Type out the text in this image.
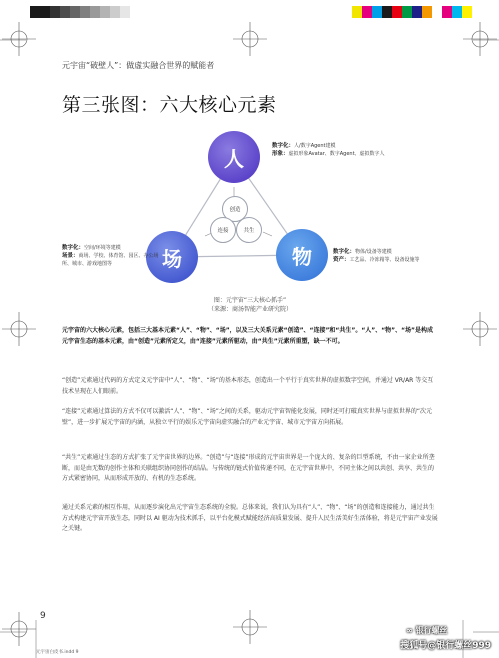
元宇宙“破壁人”：做虚实融合世界的赋能者
第三张图：六大核心元素
人
场	物
创造
连接	共生
数字化：人/数字Agent建模
形象：虚拟形象Avatar、数字Agent、虚拟数字人
数字化：空间/环境等建模
场景：商场、学校、体育馆、园区、办公场所、城市、游戏地图等
数字化：物体/设备等建模
资产：工艺品、冷冻箱等、设备设施等
图：元宇宙“三大核心抓手”
（来源：商汤智能产业研究院）
元宇宙的六大核心元素，包括三大基本元素“人”、“物”、“场”，以及三大关系元素“创造”、“连接”和“共生”。“人”、“物”、“场”是构成元宇宙生态的基本元素，由“创造”元素所定义，由“连接”元素所驱动，由“共生”元素所重塑，缺一不可。
“创造”元素通过代码的方式定义元宇宙中“人”、“物”、“场”的基本形态，创造出一个平行于真实世界的虚拟数字空间，并通过 VR/AR 等交互技术呈现在人们眼前。
“连接”元素通过算法的方式不仅可以激活“人”、“物”、“场”之间的关系，驱动元宇宙智能化发展，同时还可打破真实世界与虚拟世界的“次元壁”，进一步扩展元宇宙的内涵，从独立平行的娱乐元宇宙向虚实融合的产业元宇宙、城市元宇宙方向拓展。
“共生”元素通过生态的方式扩张了元宇宙世界的边界。“创造”与“连接”形成的元宇宙世界是一个庞大的、复杂的巨型系统，不由一家企业所垄断，而是由无数的创作主体和关联组织协同创作的结晶。与传统的链式价值传递不同，在元宇宙世界中，不同主体之间以共创、共享、共生的方式紧密协同，从而形成开放的、有机的生态系统。
通过关系元素的相互作用，从而逐步演化出元宇宙生态系统的全貌。总体来说，我们认为具有“人”、“物”、“场”的创造和连接能力，通过共生方式构建元宇宙开放生态，同时以 AI 驱动为技术抓手，以平台化模式赋能经济高质量发展、提升人民生活美好生活体验，将是元宇宙产业发展之关键。
9
元宇宙白皮书.indd 9
∞ 银行螺丝
搜狐号@银行螺丝999
